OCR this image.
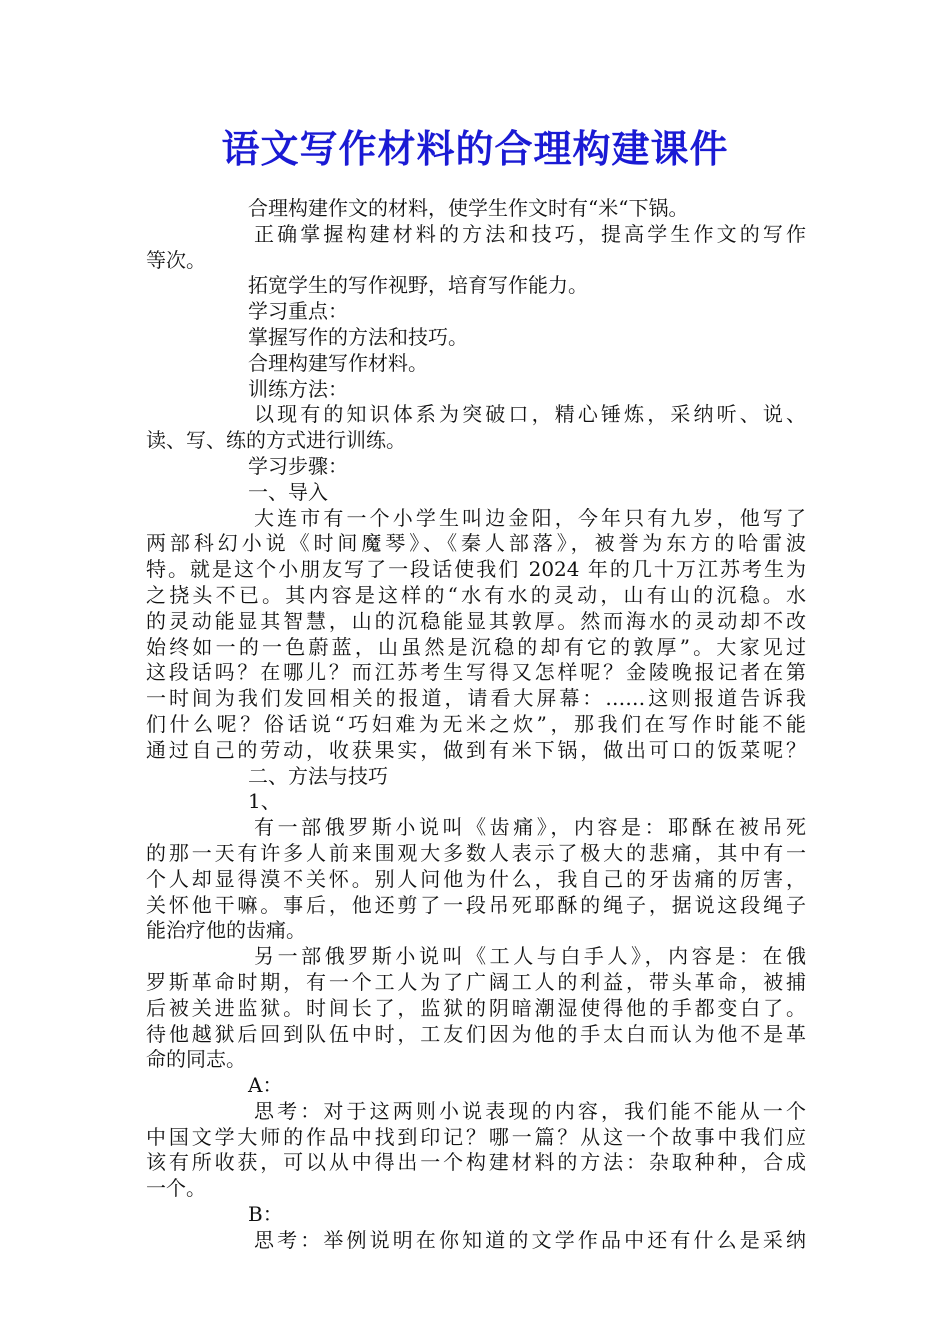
语文写作材料的合理构建课件
合理构建作文的材料，使学生作文时有“米“下锅。
正确掌握构建材料的方法和技巧，提高学生作文的写作
等次。
拓宽学生的写作视野，培育写作能力。
学习重点：
掌握写作的方法和技巧。
合理构建写作材料。
训练方法：
以现有的知识体系为突破口，精心锤炼，采纳听、说、
读、写、练的方式进行训练。
学习步骤：
一、导入
大连市有一个小学生叫边金阳，今年只有九岁，他写了
两部科幻小说《时间魔琴》、《秦人部落》，被誉为东方的哈雷波
特。就是这个小朋友写了一段话使我们 2024 年的几十万江苏考生为
之挠头不已。其内容是这样的“水有水的灵动，山有山的沉稳。水
的灵动能显其智慧，山的沉稳能显其敦厚。然而海水的灵动却不改
始终如一的一色蔚蓝，山虽然是沉稳的却有它的敦厚”。大家见过
这段话吗？在哪儿？而江苏考生写得又怎样呢？金陵晚报记者在第
一时间为我们发回相关的报道，请看大屏幕：……这则报道告诉我
们什么呢？俗话说“巧妇难为无米之炊”，那我们在写作时能不能
通过自己的劳动，收获果实，做到有米下锅，做出可口的饭菜呢？
二、方法与技巧
1、
有一部俄罗斯小说叫《齿痛》，内容是：耶酥在被吊死
的那一天有许多人前来围观大多数人表示了极大的悲痛，其中有一
个人却显得漠不关怀。别人问他为什么，我自己的牙齿痛的厉害，
关怀他干嘛。事后，他还剪了一段吊死耶酥的绳子，据说这段绳子
能治疗他的齿痛。
另一部俄罗斯小说叫《工人与白手人》，内容是：在俄
罗斯革命时期，有一个工人为了广阔工人的利益，带头革命，被捕
后被关进监狱。时间长了，监狱的阴暗潮湿使得他的手都变白了。
待他越狱后回到队伍中时，工友们因为他的手太白而认为他不是革
命的同志。
A：
思考：对于这两则小说表现的内容，我们能不能从一个
中国文学大师的作品中找到印记？哪一篇？从这一个故事中我们应
该有所收获，可以从中得出一个构建材料的方法：杂取种种，合成
一个。
B：
思考：举例说明在你知道的文学作品中还有什么是采纳
